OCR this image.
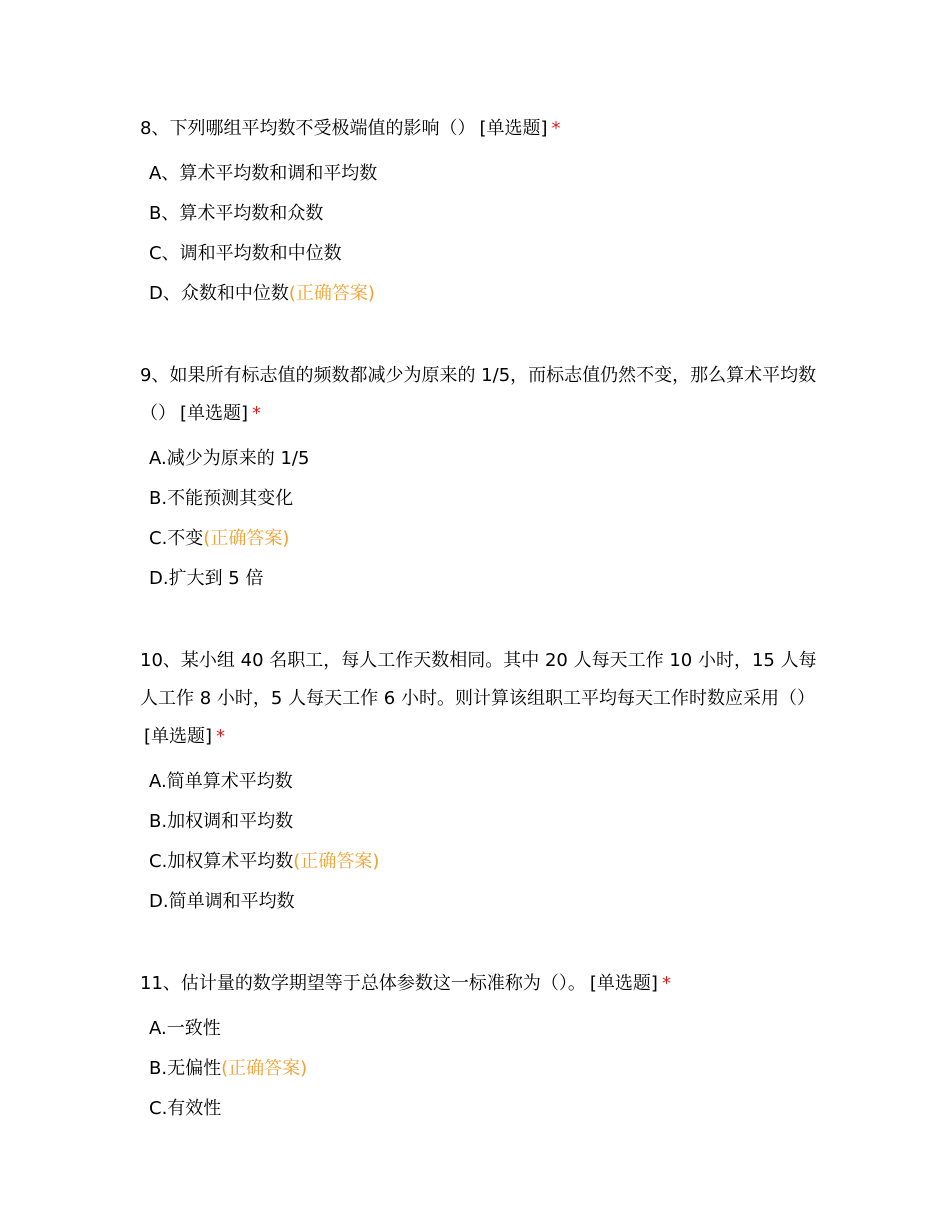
8、下列哪组平均数不受极端值的影响（） [单选题] *
A、算术平均数和调和平均数
B、算术平均数和众数
C、调和平均数和中位数
D、众数和中位数(正确答案)
9、如果所有标志值的频数都减少为原来的 1/5，而标志值仍然不变，那么算术平均数（） [单选题] *
A.减少为原来的 1/5
B.不能预测其变化
C.不变(正确答案)
D.扩大到 5 倍
10、某小组 40 名职工，每人工作天数相同。其中 20 人每天工作 10 小时，15 人每人工作 8 小时，5 人每天工作 6 小时。则计算该组职工平均每天工作时数应采用（）[单选题] *
A.简单算术平均数
B.加权调和平均数
C.加权算术平均数(正确答案)
D.简单调和平均数
11、估计量的数学期望等于总体参数这一标准称为（）。 [单选题] *
A.一致性
B.无偏性(正确答案)
C.有效性
